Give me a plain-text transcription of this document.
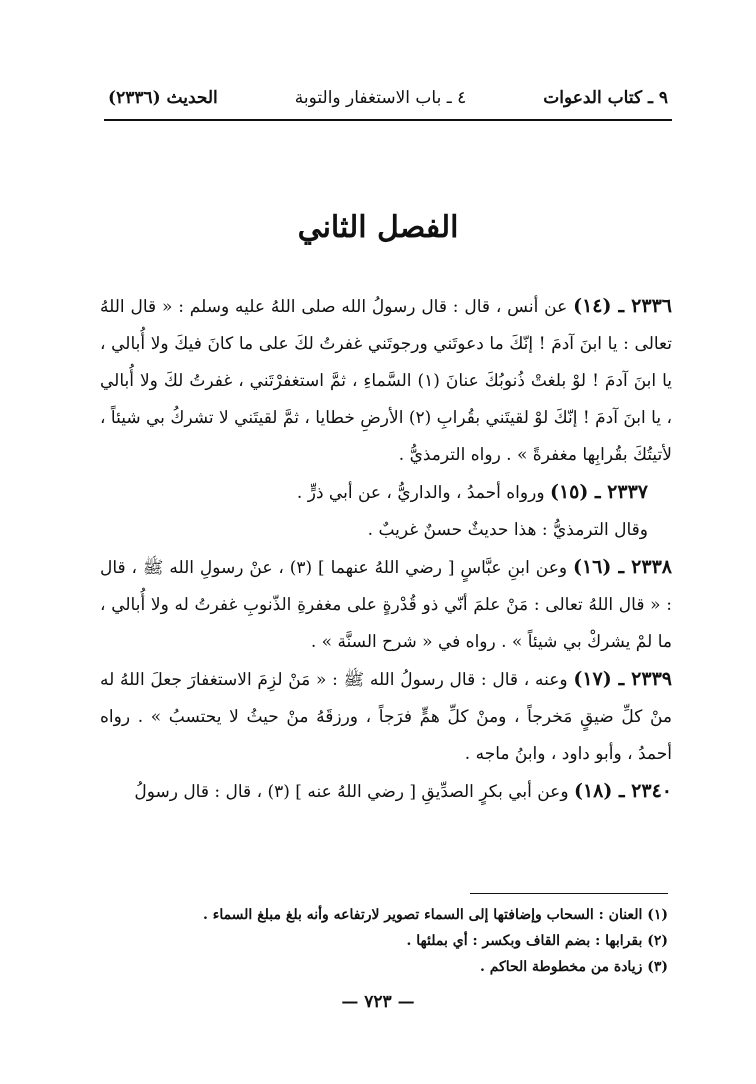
٩ ـ كتاب الدعوات
٤ ـ باب الاستغفار والتوبة
الحديث (٢٣٣٦)
الفصل الثاني

٢٣٣٦ ـ (١٤) عن أنس ، قال : قال رسولُ الله صلى اللهُ عليه وسلم : « قال اللهُ تعالى : يا ابنَ آدمَ ! إنّكَ ما دعوتَني ورجوتَني غفرتُ لكَ على ما كانَ فيكَ ولا أُبالي ، يا ابنَ آدمَ ! لوْ بلغتْ ذُنوبُكَ عنانَ (١) السَّماءِ ، ثمَّ استغفرْتَني ، غفرتُ لكَ ولا أُبالي ، يا ابنَ آدمَ ! إنّكَ لوْ لقيتَني بقُرابِ (٢) الأرضِ خطايا ، ثمَّ لقيتَني لا تشركُ بي شيئاً ، لأتيتُكَ بقُرابِها مغفرةً » . رواه الترمذيُّ .

٢٣٣٧ ـ (١٥) ورواه أحمدُ ، والداريُّ ، عن أبي ذرٍّ .

وقال الترمذيُّ : هذا حديثٌ حسنٌ غريبٌ .

٢٣٣٨ ـ (١٦) وعن ابنِ عبَّاسٍ [ رضي اللهُ عنهما ] (٣) ، عنْ رسولِ الله ﷺ ، قال : « قال اللهُ تعالى : مَنْ علمَ أنّي ذو قُدْرةٍ على مغفرةِ الذّنوبِ غفرتُ له ولا أُبالي ، ما لمْ يشركْ بي شيئاً » . رواه في « شرح السنَّة » .

٢٣٣٩ ـ (١٧) وعنه ، قال : قال رسولُ الله ﷺ : « مَنْ لزِمَ الاستغفارَ جعلَ اللهُ له منْ كلِّ ضيقٍ مَخرجاً ، ومنْ كلِّ همٍّ فرَجاً ، ورزقَهُ منْ حيثُ لا يحتسبُ » . رواه أحمدُ ، وأبو داود ، وابنُ ماجه .

٢٣٤٠ ـ (١٨) وعن أبي بكرٍ الصدِّيقِ [ رضي اللهُ عنه ] (٣) ، قال : قال رسولُ

(١) العنان : السحاب وإضافتها إلى السماء تصوير لارتفاعه وأنه بلغ مبلغ السماء .
(٢) بقرابها : بضم القاف وبكسر : أي بملئها .
(٣) زيادة من مخطوطة الحاكم .
— ٧٢٣ —
